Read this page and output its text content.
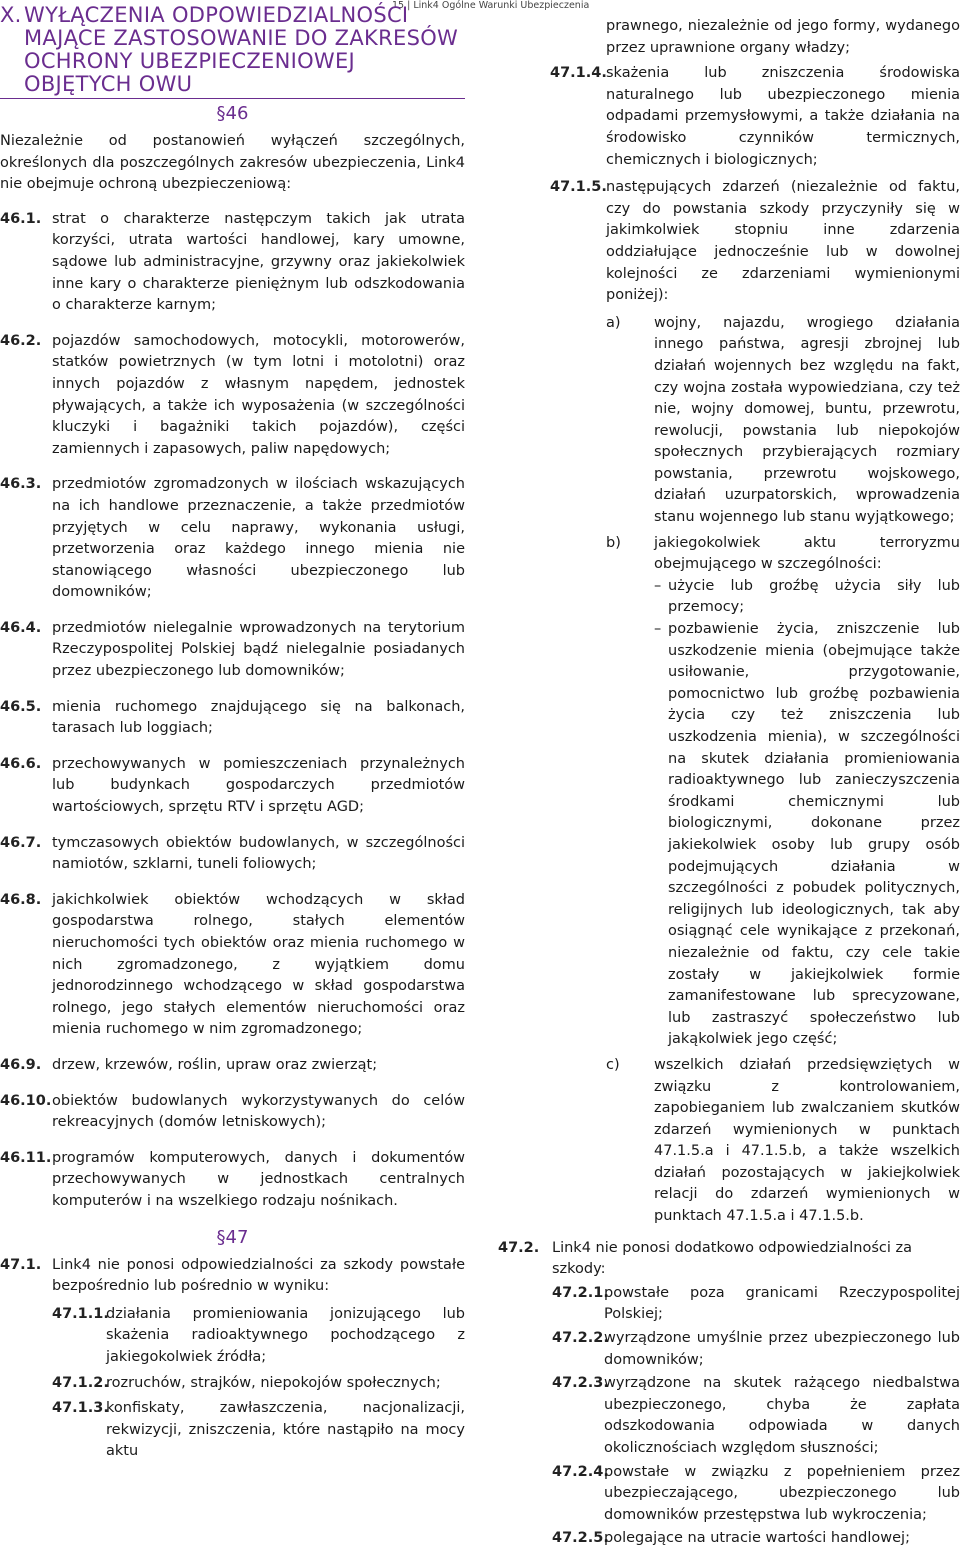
15 | Link4 Ogólne Warunki Ubezpieczenia
X. WYŁĄCZENIA ODPOWIEDZIALNOŚCI MAJĄCE ZASTOSOWANIE DO ZAKRESÓW OCHRONY UBEZPIECZENIOWEJ OBJĘTYCH OWU
§46

Niezależnie od postanowień wyłączeń szczególnych, określonych dla poszczególnych zakresów ubezpieczenia, Link4 nie obejmuje ochroną ubezpieczeniową:

46.1. strat o charakterze następczym takich jak utrata korzyści, utrata wartości handlowej, kary umowne, sądowe lub administracyjne, grzywny oraz jakiekolwiek inne kary o charakterze pieniężnym lub odszkodowania o charakterze karnym;
46.2. pojazdów samochodowych, motocykli, motorowerów, statków powietrznych (w tym lotni i motolotni) oraz innych pojazdów z własnym napędem, jednostek pływających, a także ich wyposażenia (w szczególności kluczyki i bagażniki takich pojazdów), części zamiennych i zapasowych, paliw napędowych;
46.3. przedmiotów zgromadzonych w ilościach wskazujących na ich handlowe przeznaczenie, a także przedmiotów przyjętych w celu naprawy, wykonania usługi, przetworzenia oraz każdego innego mienia nie stanowiącego własności ubezpieczonego lub domowników;
46.4. przedmiotów nielegalnie wprowadzonych na terytorium Rzeczypospolitej Polskiej bądź nielegalnie posiadanych przez ubezpieczonego lub domowników;
46.5. mienia ruchomego znajdującego się na balkonach, tarasach lub loggiach;
46.6. przechowywanych w pomieszczeniach przynależnych lub budynkach gospodarczych przedmiotów wartościowych, sprzętu RTV i sprzętu AGD;
46.7. tymczasowych obiektów budowlanych, w szczególności namiotów, szklarni, tuneli foliowych;
46.8. jakichkolwiek obiektów wchodzących w skład gospodarstwa rolnego, stałych elementów nieruchomości tych obiektów oraz mienia ruchomego w nich zgromadzonego, z wyjątkiem domu jednorodzinnego wchodzącego w skład gospodarstwa rolnego, jego stałych elementów nieruchomości oraz mienia ruchomego w nim zgromadzonego;
46.9. drzew, krzewów, roślin, upraw oraz zwierząt;
46.10. obiektów budowlanych wykorzystywanych do celów rekreacyjnych (domów letniskowych);
46.11. programów komputerowych, danych i dokumentów przechowywanych w jednostkach centralnych komputerów i na wszelkiego rodzaju nośnikach.
§47
47.1. Link4 nie ponosi odpowiedzialności za szkody powstałe bezpośrednio lub pośrednio w wyniku:
47.1.1.
działania promieniowania jonizującego lub skażenia radioaktywnego pochodzącego z jakiegokolwiek źródła;
47.1.2.
rozruchów, strajków, niepokojów społecznych;
47.1.3.
konfiskaty, zawłaszczenia, nacjonalizacji, rekwizycji, zniszczenia, które nastąpiło na mocy aktu

prawnego, niezależnie od jego formy, wydanego przez uprawnione organy władzy;

47.1.4. skażenia lub zniszczenia środowiska naturalnego lub ubezpieczonego mienia odpadami przemysłowymi, a także działania na środowisko czynników termicznych, chemicznych i biologicznych;
47.1.5. następujących zdarzeń (niezależnie od faktu, czy do powstania szkody przyczyniły się w jakimkolwiek stopniu inne zdarzenia oddziałujące jednocześnie lub w dowolnej kolejności ze zdarzeniami wymienionymi poniżej):
a)	wojny, najazdu, wrogiego działania innego państwa, agresji zbrojnej lub działań wojennych bez względu na fakt, czy wojna została wypowiedziana, czy też nie, wojny domowej, buntu, przewrotu, rewolucji, powstania lub niepokojów społecznych przybierających rozmiary powstania, przewrotu wojskowego, działań uzurpatorskich, wprowadzenia stanu wojennego lub stanu wyjątkowego;
b)	jakiegokolwiek aktu terroryzmu obejmującego w szczególności:
– użycie lub groźbę użycia siły lub przemocy;
– pozbawienie życia, zniszczenie lub uszkodzenie mienia (obejmujące także usiłowanie, przygotowanie, pomocnictwo lub groźbę pozbawienia życia czy też zniszczenia lub uszkodzenia mienia), w szczególności na skutek działania promieniowania radioaktywnego lub zanieczyszczenia środkami chemicznymi lub biologicznymi, dokonane przez jakiekolwiek osoby lub grupy osób podejmujących działania w szczególności z pobudek politycznych, religijnych lub ideologicznych, tak aby osiągnąć cele wynikające z przekonań, niezależnie od faktu, czy cele takie zostały w jakiejkolwiek formie zamanifestowane lub sprecyzowane, lub zastraszyć społeczeństwo lub jakąkolwiek jego część;
c)	wszelkich działań przedsięwziętych w związku z kontrolowaniem, zapobieganiem lub zwalczaniem skutków zdarzeń wymienionych w punktach 47.1.5.a i 47.1.5.b, a także wszelkich działań pozostających w jakiejkolwiek relacji do zdarzeń wymienionych w punktach 47.1.5.a i 47.1.5.b.
47.2. Link4 nie ponosi dodatkowo odpowiedzialności za szkody:
47.2.1.
powstałe poza granicami Rzeczypospolitej Polskiej;
47.2.2.
wyrządzone umyślnie przez ubezpieczonego lub domowników;
47.2.3.
wyrządzone na skutek rażącego niedbalstwa ubezpieczonego, chyba że zapłata odszkodowania odpowiada w danych okolicznościach względom słuszności;
47.2.4.
powstałe w związku z popełnieniem przez ubezpieczającego, ubezpieczonego lub domowników przestępstwa lub wykroczenia;
47.2.5.
polegające na utracie wartości handlowej;
